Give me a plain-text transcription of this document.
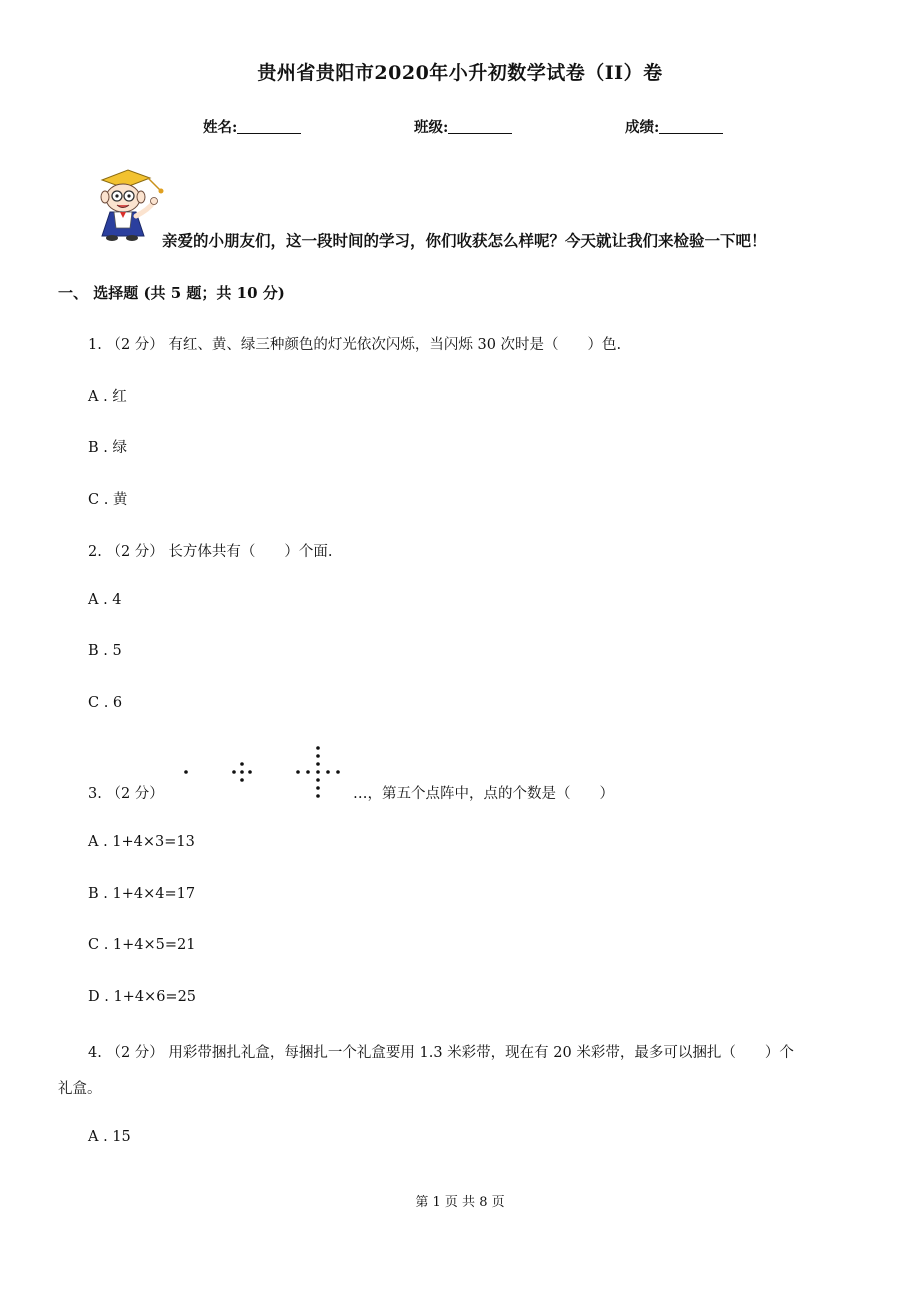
贵州省贵阳市2020年小升初数学试卷（II）卷
姓名:	班级:	成绩:
亲爱的小朋友们，这一段时间的学习，你们收获怎么样呢？今天就让我们来检验一下吧！
一、 选择题 (共 5 题；共 10 分)
1. （2 分） 有红、黄、绿三种颜色的灯光依次闪烁，当闪烁 30 次时是（　　）色.
A . 红
B . 绿
C . 黄
2. （2 分） 长方体共有（　　）个面.
A . 4
B . 5
C . 6
3. （2 分）	…，第五个点阵中，点的个数是（　　）
A . 1+4×3=13
B . 1+4×4=17
C . 1+4×5=21
D . 1+4×6=25
4. （2 分） 用彩带捆扎礼盒，每捆扎一个礼盒要用 1.3 米彩带，现在有 20 米彩带，最多可以捆扎（　　）个
礼盒。
A . 15
第 1 页 共 8 页
